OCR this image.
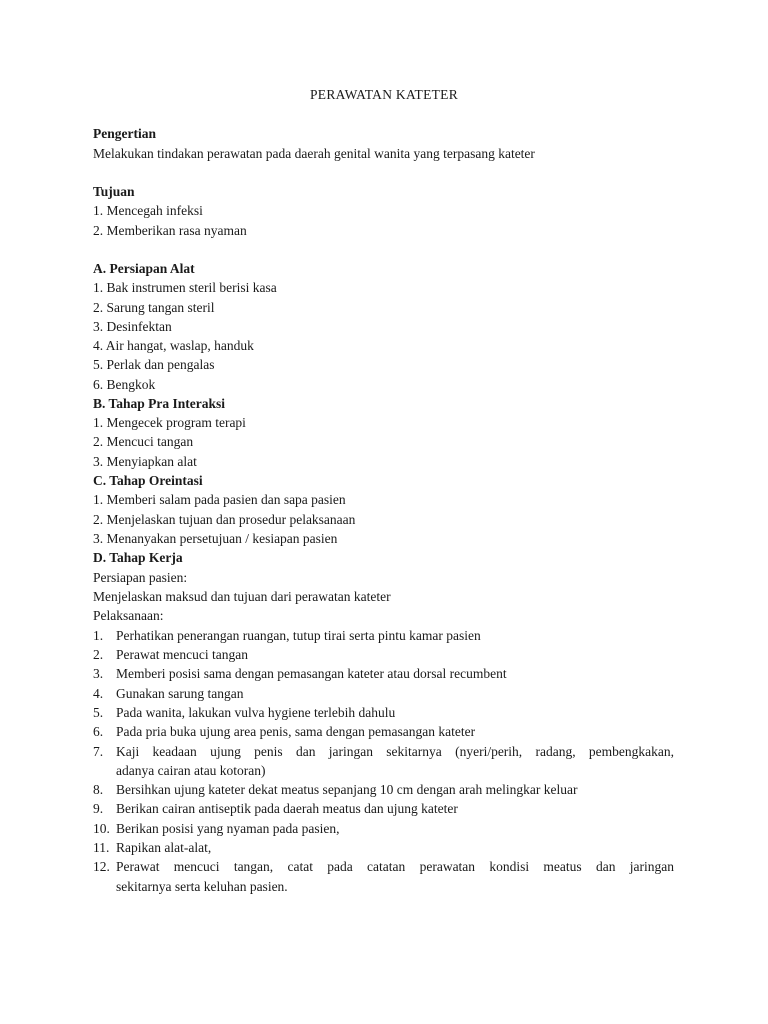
PERAWATAN KATETER
Pengertian
Melakukan tindakan perawatan pada daerah genital wanita yang terpasang kateter
Tujuan
1. Mencegah infeksi
2. Memberikan rasa nyaman
A. Persiapan Alat
1. Bak instrumen steril berisi kasa
2. Sarung tangan steril
3. Desinfektan
4. Air hangat, waslap, handuk
5. Perlak dan pengalas
6. Bengkok
B. Tahap Pra Interaksi
1. Mengecek program terapi
2. Mencuci tangan
3. Menyiapkan alat
C. Tahap Oreintasi
1. Memberi salam pada pasien dan sapa pasien
2. Menjelaskan tujuan dan prosedur pelaksanaan
3. Menanyakan persetujuan / kesiapan pasien
D. Tahap Kerja
Persiapan pasien:
Menjelaskan maksud dan tujuan dari perawatan kateter
Pelaksanaan:
1. Perhatikan penerangan ruangan, tutup tirai serta pintu kamar pasien
2. Perawat mencuci tangan
3. Memberi posisi sama dengan pemasangan kateter atau dorsal recumbent
4. Gunakan sarung tangan
5. Pada wanita, lakukan vulva hygiene terlebih dahulu
6. Pada pria buka ujung area penis, sama dengan pemasangan kateter
7. Kaji keadaan ujung penis dan jaringan sekitarnya (nyeri/perih, radang, pembengkakan,
adanya cairan atau kotoran)
8. Bersihkan ujung kateter dekat meatus sepanjang 10 cm dengan arah melingkar keluar
9. Berikan cairan antiseptik pada daerah meatus dan ujung kateter
10. Berikan posisi yang nyaman pada pasien,
11. Rapikan alat-alat,
12. Perawat mencuci tangan, catat pada catatan perawatan kondisi meatus dan jaringan
sekitarnya serta keluhan pasien.
